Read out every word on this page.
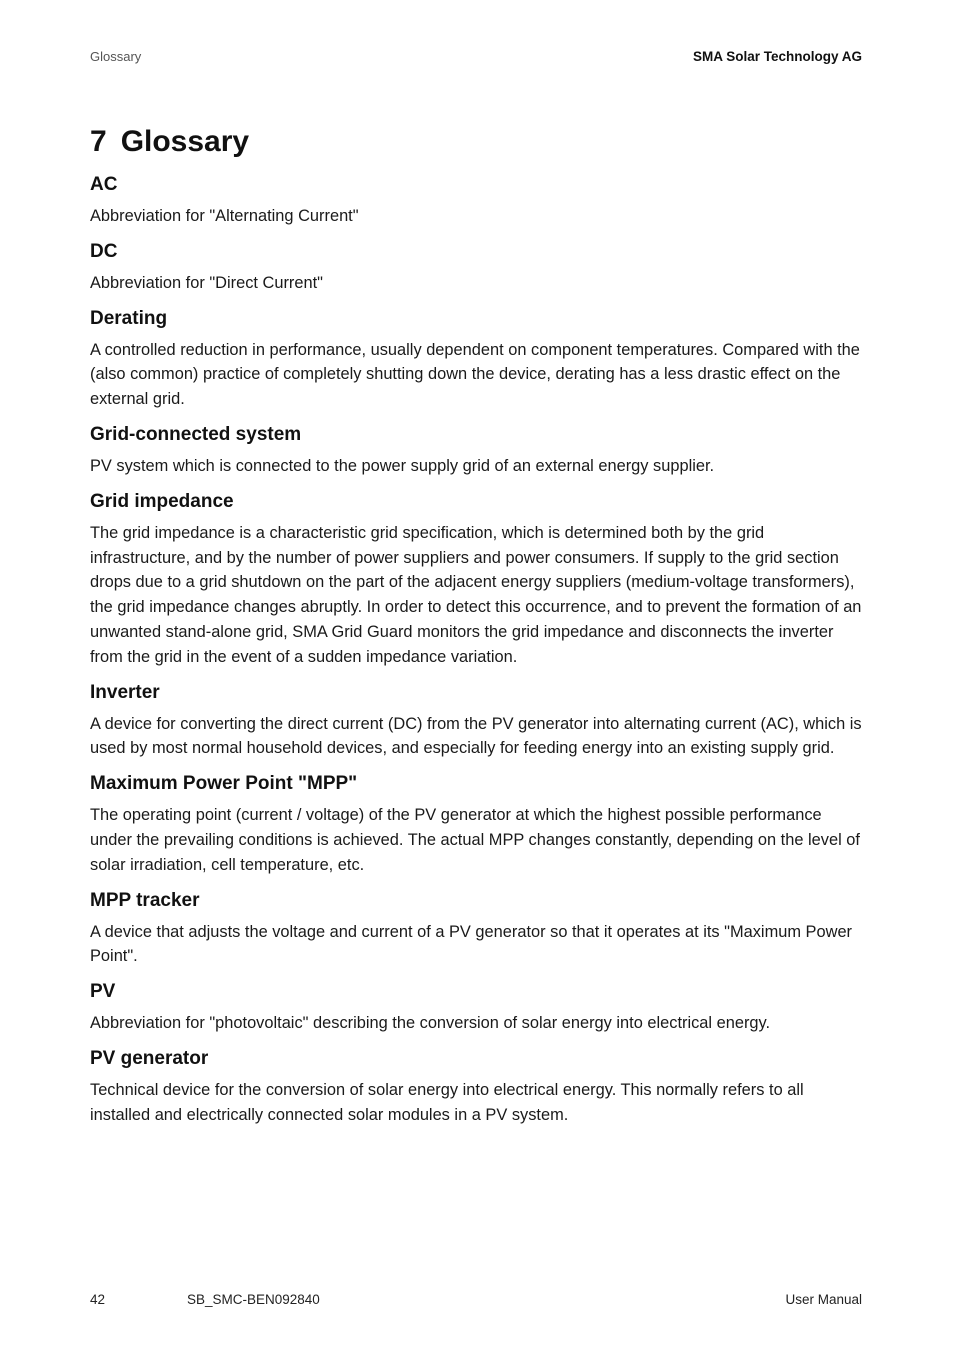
Glossary	SMA Solar Technology AG
7 Glossary
AC

Abbreviation for "Alternating Current"

DC

Abbreviation for "Direct Current"

Derating

A controlled reduction in performance, usually dependent on component temperatures. Compared with the (also common) practice of completely shutting down the device, derating has a less drastic effect on the external grid.

Grid-connected system

PV system which is connected to the power supply grid of an external energy supplier.

Grid impedance

The grid impedance is a characteristic grid specification, which is determined both by the grid infrastructure, and by the number of power suppliers and power consumers. If supply to the grid section drops due to a grid shutdown on the part of the adjacent energy suppliers (medium-voltage transformers), the grid impedance changes abruptly. In order to detect this occurrence, and to prevent the formation of an unwanted stand-alone grid, SMA Grid Guard monitors the grid impedance and disconnects the inverter from the grid in the event of a sudden impedance variation.

Inverter

A device for converting the direct current (DC) from the PV generator into alternating current (AC), which is used by most normal household devices, and especially for feeding energy into an existing supply grid.

Maximum Power Point "MPP"

The operating point (current / voltage) of the PV generator at which the highest possible performance under the prevailing conditions is achieved. The actual MPP changes constantly, depending on the level of solar irradiation, cell temperature, etc.

MPP tracker

A device that adjusts the voltage and current of a PV generator so that it operates at its "Maximum Power Point".

PV

Abbreviation for "photovoltaic" describing the conversion of solar energy into electrical energy.

PV generator

Technical device for the conversion of solar energy into electrical energy. This normally refers to all installed and electrically connected solar modules in a PV system.

42	SB_SMC-BEN092840	User Manual
